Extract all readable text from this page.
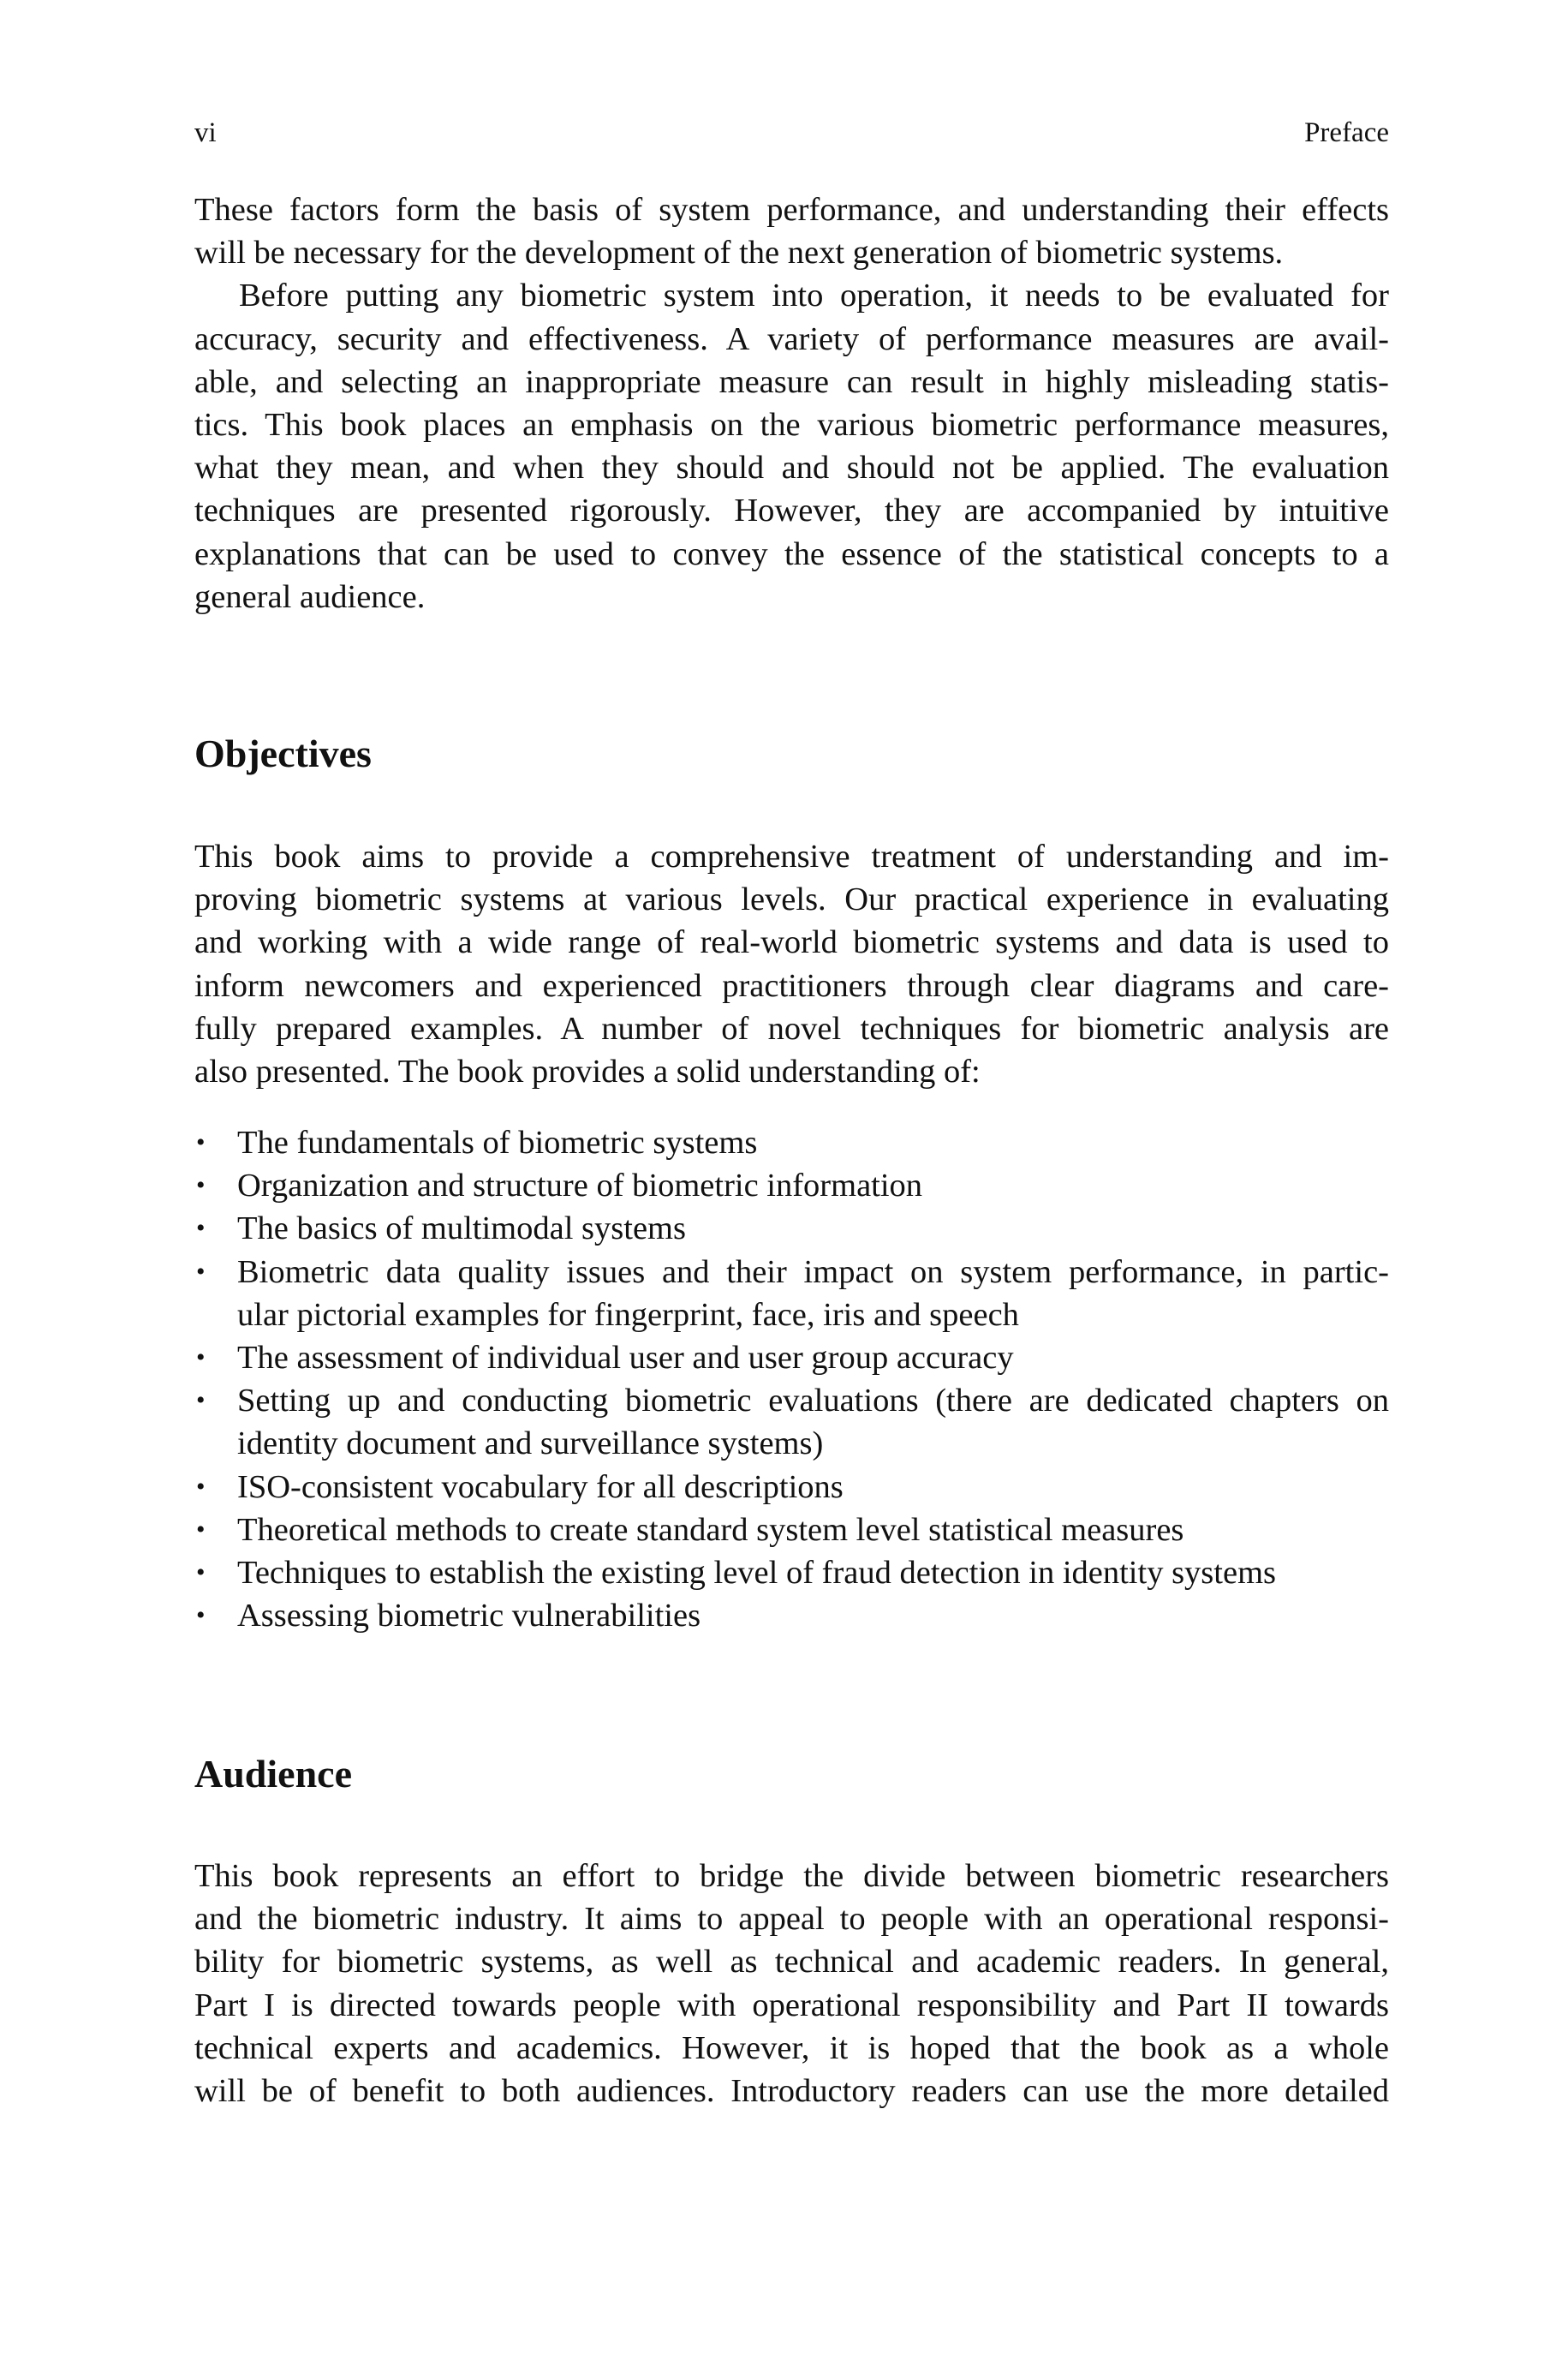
vi	Preface
These factors form the basis of system performance, and understanding their effects
will be necessary for the development of the next generation of biometric systems.
Before putting any biometric system into operation, it needs to be evaluated for
accuracy, security and effectiveness. A variety of performance measures are avail-
able, and selecting an inappropriate measure can result in highly misleading statis-
tics. This book places an emphasis on the various biometric performance measures,
what they mean, and when they should and should not be applied. The evaluation
techniques are presented rigorously. However, they are accompanied by intuitive
explanations that can be used to convey the essence of the statistical concepts to a
general audience.
Objectives
This book aims to provide a comprehensive treatment of understanding and im-
proving biometric systems at various levels. Our practical experience in evaluating
and working with a wide range of real-world biometric systems and data is used to
inform newcomers and experienced practitioners through clear diagrams and care-
fully prepared examples. A number of novel techniques for biometric analysis are
also presented. The book provides a solid understanding of:
• The fundamentals of biometric systems
• Organization and structure of biometric information
• The basics of multimodal systems
• Biometric data quality issues and their impact on system performance, in partic-
ular pictorial examples for fingerprint, face, iris and speech
• The assessment of individual user and user group accuracy
• Setting up and conducting biometric evaluations (there are dedicated chapters on
identity document and surveillance systems)
• ISO-consistent vocabulary for all descriptions
• Theoretical methods to create standard system level statistical measures
• Techniques to establish the existing level of fraud detection in identity systems
• Assessing biometric vulnerabilities
Audience
This book represents an effort to bridge the divide between biometric researchers
and the biometric industry. It aims to appeal to people with an operational responsi-
bility for biometric systems, as well as technical and academic readers. In general,
Part I is directed towards people with operational responsibility and Part II towards
technical experts and academics. However, it is hoped that the book as a whole
will be of benefit to both audiences. Introductory readers can use the more detailed
